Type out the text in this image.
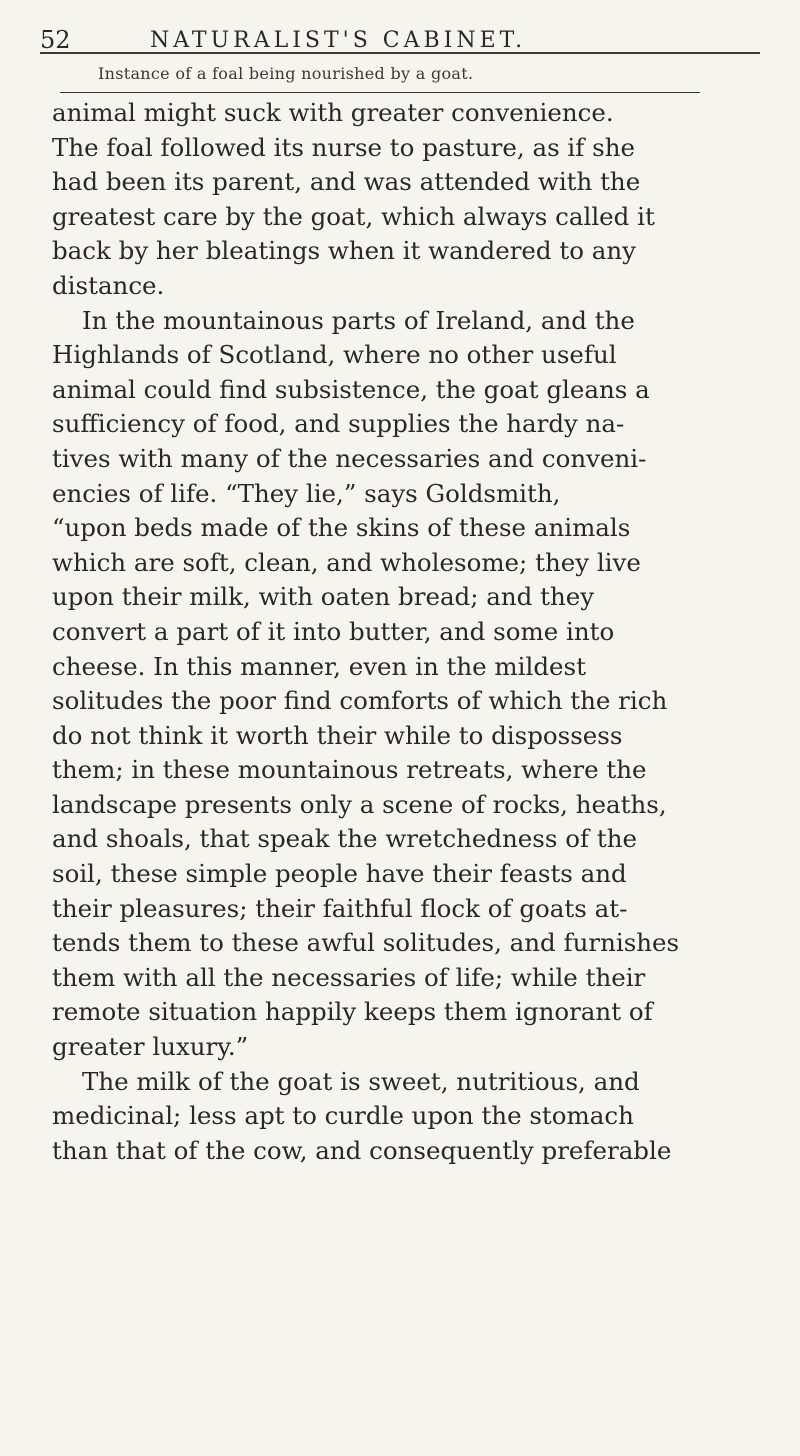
52	NATURALIST'S CABINET.
Instance of a foal being nourished by a goat.
animal might suck with greater convenience.
The foal followed its nurse to pasture, as if she
had been its parent, and was attended with the
greatest care by the goat, which always called it
back by her bleatings when it wandered to any
distance.
In the mountainous parts of Ireland, and the
Highlands of Scotland, where no other useful
animal could find subsistence, the goat gleans a
sufficiency of food, and supplies the hardy na-
tives with many of the necessaries and conveni-
encies of life. “They lie,” says Goldsmith,
“upon beds made of the skins of these animals
which are soft, clean, and wholesome; they live
upon their milk, with oaten bread; and they
convert a part of it into butter, and some into
cheese. In this manner, even in the mildest
solitudes the poor find comforts of which the rich
do not think it worth their while to dispossess
them; in these mountainous retreats, where the
landscape presents only a scene of rocks, heaths,
and shoals, that speak the wretchedness of the
soil, these simple people have their feasts and
their pleasures; their faithful flock of goats at-
tends them to these awful solitudes, and furnishes
them with all the necessaries of life; while their
remote situation happily keeps them ignorant of
greater luxury.”
The milk of the goat is sweet, nutritious, and
medicinal; less apt to curdle upon the stomach
than that of the cow, and consequently preferable
